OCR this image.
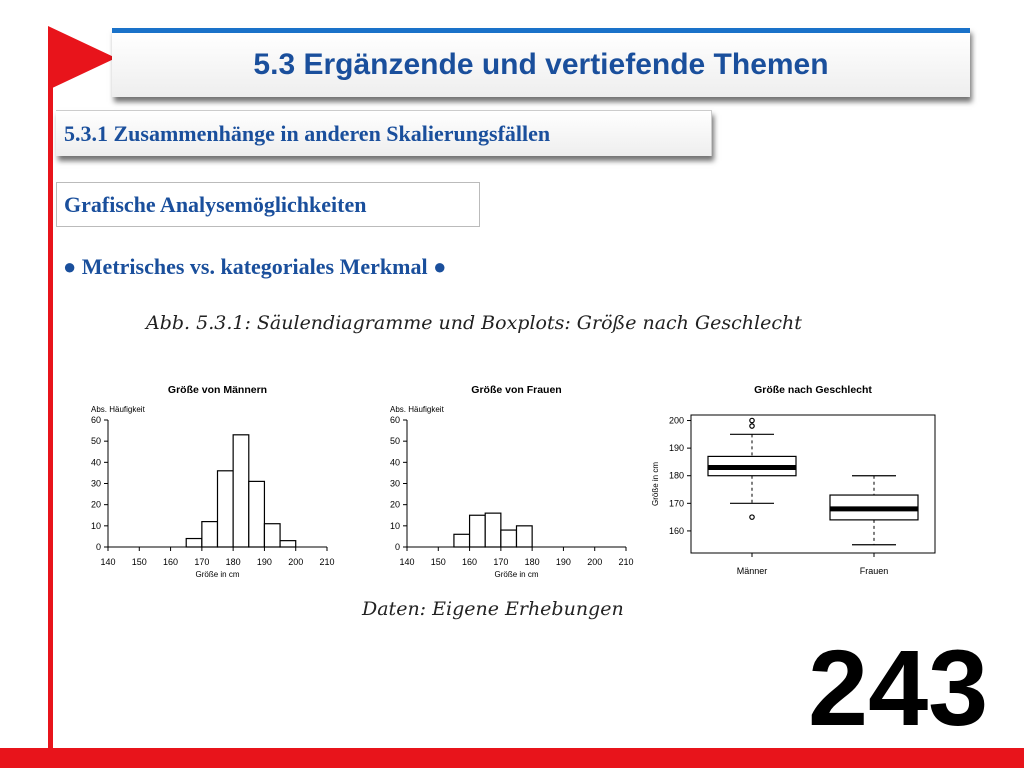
5.3 Ergänzende und vertiefende Themen
5.3.1 Zusammenhänge in anderen Skalierungsfällen
Grafische Analysemöglichkeiten
● Metrisches vs. kategoriales Merkmal ●
Abb. 5.3.1: Säulendiagramme und Boxplots: Größe nach Geschlecht
Größe von Männern
Abs. Häufigkeit
0
10
20
30
40
50
60
140 150 160 170 180 190 200 210
Größe in cm
Größe von Frauen
Abs. Häufigkeit
0
10
20
30
40
50
60
140 150 160 170 180 190 200 210
Größe in cm
Größe nach Geschlecht
160
170
180
190
200
Größe in cm
Männer	Frauen
Daten: Eigene Erhebungen
243
